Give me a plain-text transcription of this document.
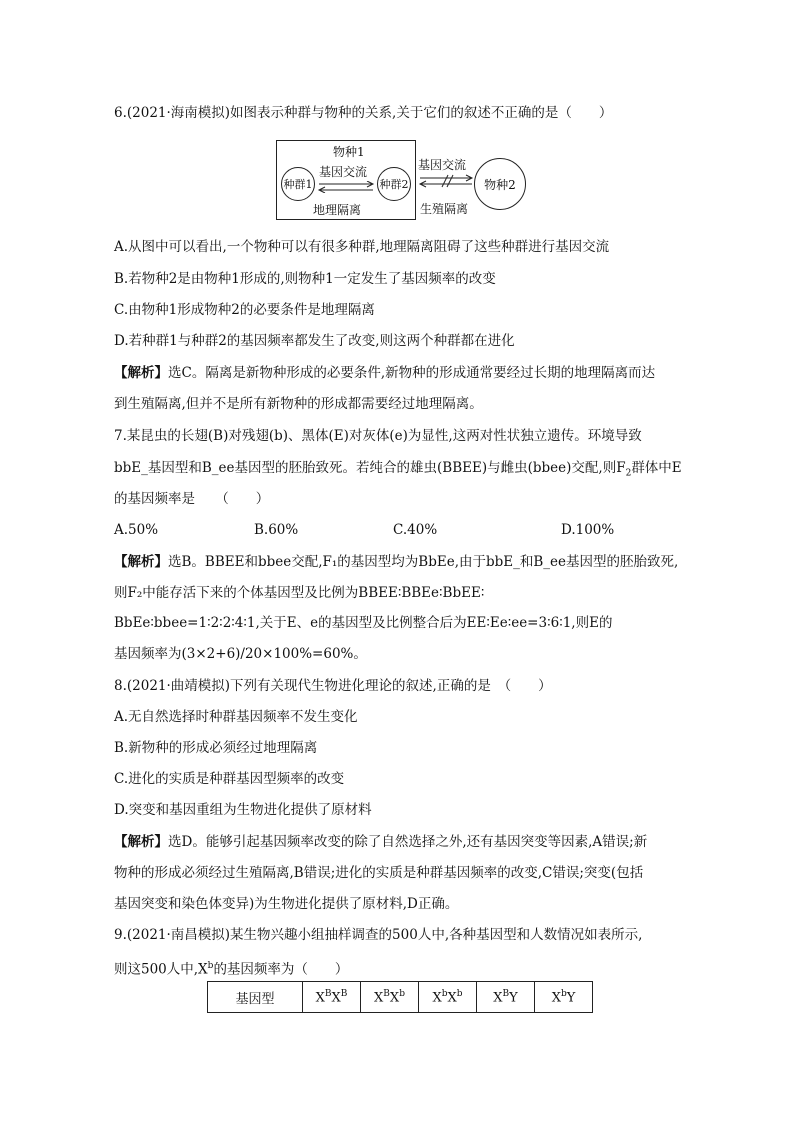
6.(2021·海南模拟)如图表示种群与物种的关系,关于它们的叙述不正确的是（　　）
物种1
种群1
基因交流
种群2
地理隔离
基因交流
生殖隔离
物种2
A.从图中可以看出,一个物种可以有很多种群,地理隔离阻碍了这些种群进行基因交流
B.若物种2是由物种1形成的,则物种1一定发生了基因频率的改变
C.由物种1形成物种2的必要条件是地理隔离
D.若种群1与种群2的基因频率都发生了改变,则这两个种群都在进化
【解析】选C。隔离是新物种形成的必要条件,新物种的形成通常要经过长期的地理隔离而达
到生殖隔离,但并不是所有新物种的形成都需要经过地理隔离。
7.某昆虫的长翅(B)对残翅(b)、黑体(E)对灰体(e)为显性,这两对性状独立遗传。环境导致
bbE_基因型和B_ee基因型的胚胎致死。若纯合的雄虫(BBEE)与雌虫(bbee)交配,则$F_2$群体中E
的基因频率是　　（　　）
A.50%	B.60%	C.40%	D.100%
【解析】选B。BBEE和bbee交配,F₁的基因型均为BbEe,由于bbE_和B_ee基因型的胚胎致死,
则F₂中能存活下来的个体基因型及比例为BBEE∶BBEe∶BbEE∶
BbEe∶bbee=1∶2∶2∶4∶1,关于E、e的基因型及比例整合后为EE∶Ee∶ee=3∶6∶1,则E的
基因频率为(3×2+6)/20×100%=60%。
8.(2021·曲靖模拟)下列有关现代生物进化理论的叙述,正确的是　（　　）
A.无自然选择时种群基因频率不发生变化
B.新物种的形成必须经过地理隔离
C.进化的实质是种群基因型频率的改变
D.突变和基因重组为生物进化提供了原材料
【解析】选D。能够引起基因频率改变的除了自然选择之外,还有基因突变等因素,A错误;新
物种的形成必须经过生殖隔离,B错误;进化的实质是种群基因频率的改变,C错误;突变(包括
基因突变和染色体变异)为生物进化提供了原材料,D正确。
9.(2021·南昌模拟)某生物兴趣小组抽样调查的500人中,各种基因型和人数情况如表所示,
则这500人中$,X^b$的基因频率为（　　）
基因型	$X^BX^B$	$X^BX^b$	$X^bX^b$	$X^BY$	$X^bY$
